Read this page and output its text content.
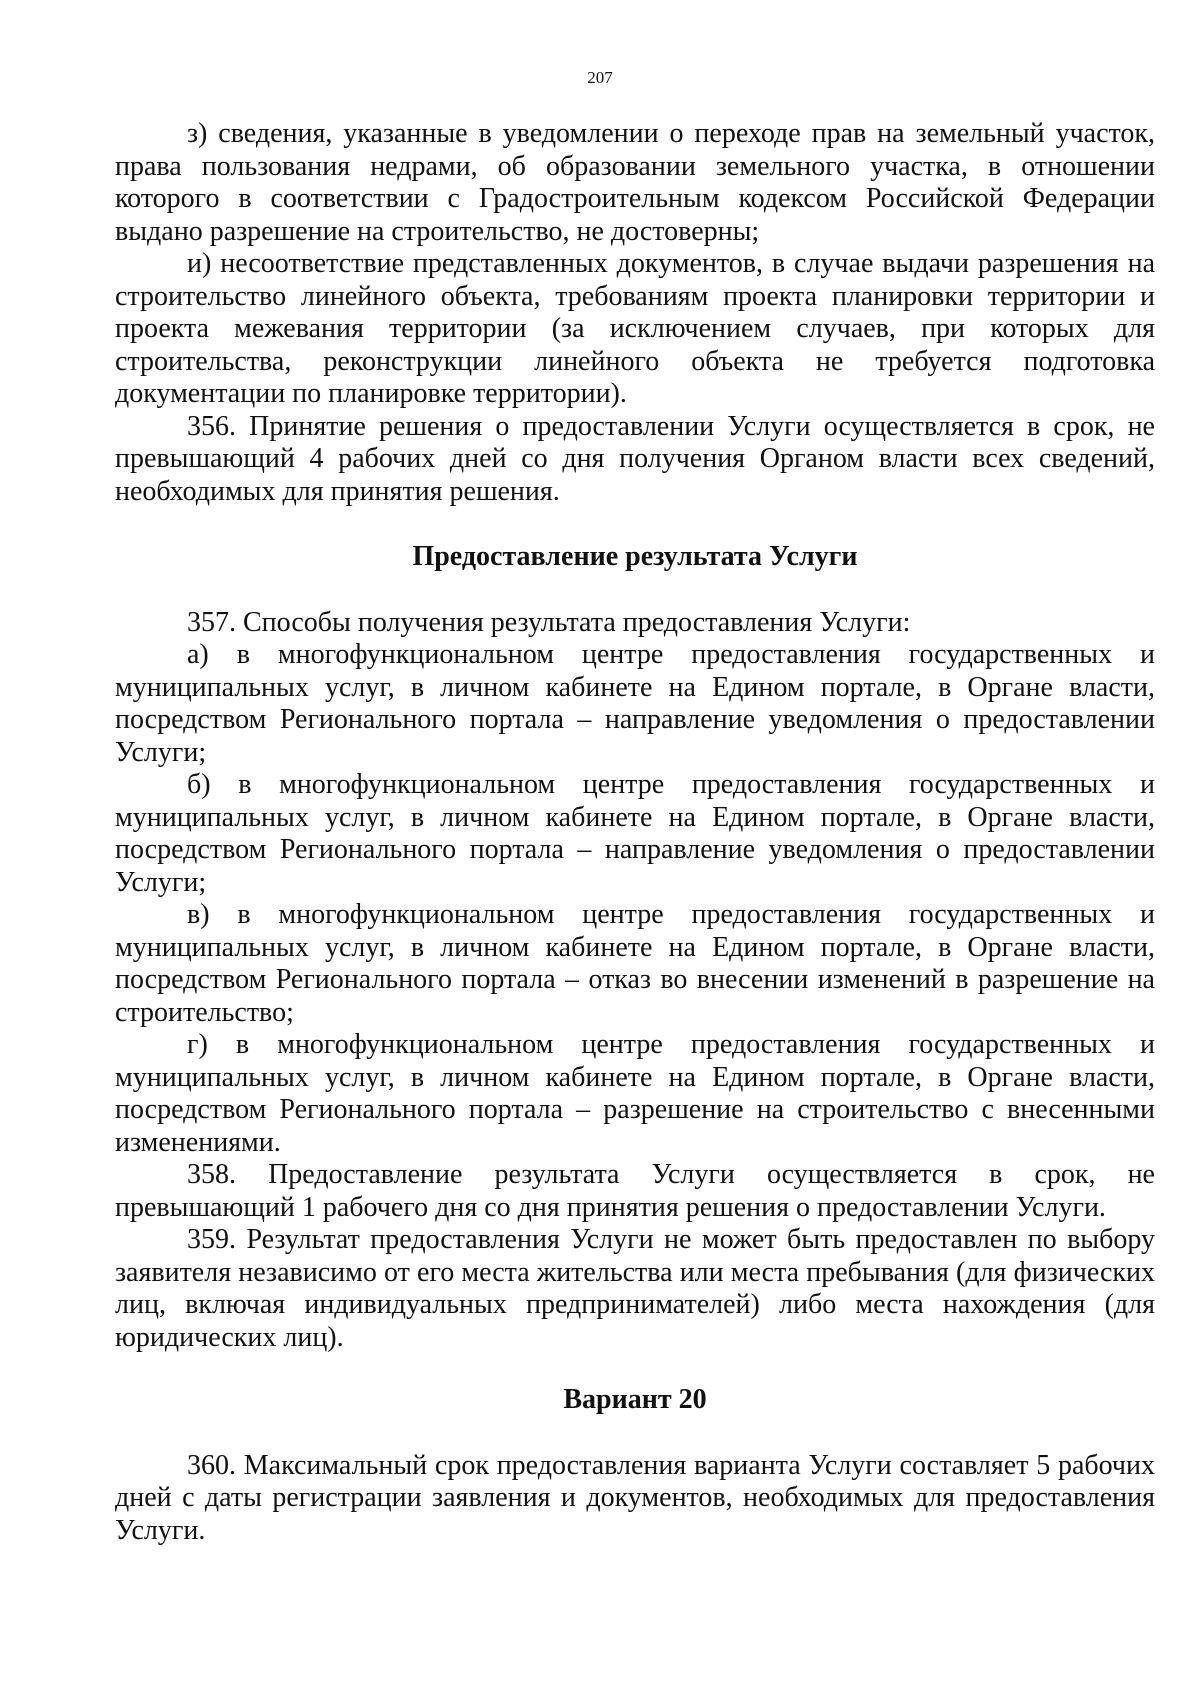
207

з) сведения, указанные в уведомлении о переходе прав на земельный участок, права пользования недрами, об образовании земельного участка, в отношении которого в соответствии с Градостроительным кодексом Российской Федерации выдано разрешение на строительство, не достоверны;

и) несоответствие представленных документов, в случае выдачи разрешения на строительство линейного объекта, требованиям проекта планировки территории и проекта межевания территории (за исключением случаев, при которых для строительства, реконструкции линейного объекта не требуется подготовка документации по планировке территории).

356. Принятие решения о предоставлении Услуги осуществляется в срок, не превышающий 4 рабочих дней со дня получения Органом власти всех сведений, необходимых для принятия решения.

Предоставление результата Услуги

357. Способы получения результата предоставления Услуги:

а) в многофункциональном центре предоставления государственных и муниципальных услуг, в личном кабинете на Едином портале, в Органе власти, посредством Регионального портала – направление уведомления о предоставлении Услуги;

б) в многофункциональном центре предоставления государственных и муниципальных услуг, в личном кабинете на Едином портале, в Органе власти, посредством Регионального портала – направление уведомления о предоставлении Услуги;

в) в многофункциональном центре предоставления государственных и муниципальных услуг, в личном кабинете на Едином портале, в Органе власти, посредством Регионального портала – отказ во внесении изменений в разрешение на строительство;

г) в многофункциональном центре предоставления государственных и муниципальных услуг, в личном кабинете на Едином портале, в Органе власти, посредством Регионального портала – разрешение на строительство с внесенными изменениями.

358. Предоставление результата Услуги осуществляется в срок, не превышающий 1 рабочего дня со дня принятия решения о предоставлении Услуги.

359. Результат предоставления Услуги не может быть предоставлен по выбору заявителя независимо от его места жительства или места пребывания (для физических лиц, включая индивидуальных предпринимателей) либо места нахождения (для юридических лиц).

Вариант 20

360. Максимальный срок предоставления варианта Услуги составляет 5 рабочих дней с даты регистрации заявления и документов, необходимых для предоставления Услуги.
